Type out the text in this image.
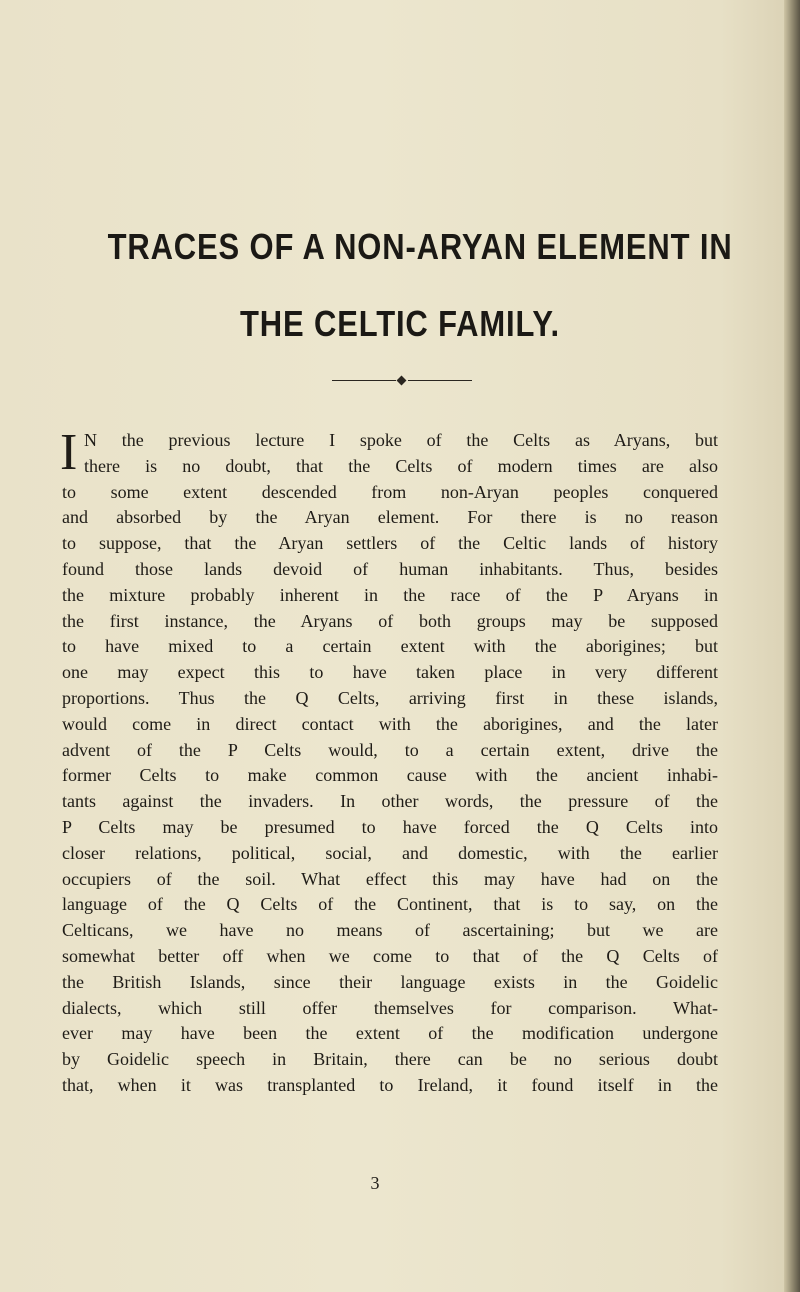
TRACES OF A NON-ARYAN ELEMENT IN
THE CELTIC FAMILY.
I N the previous lecture I spoke of the Celts as Aryans, but
there is no doubt, that the Celts of modern times are also
to some extent descended from non-Aryan peoples conquered
and absorbed by the Aryan element. For there is no reason
to suppose, that the Aryan settlers of the Celtic lands of history
found those lands devoid of human inhabitants. Thus, besides
the mixture probably inherent in the race of the P Aryans in
the first instance, the Aryans of both groups may be supposed
to have mixed to a certain extent with the aborigines; but
one may expect this to have taken place in very different
proportions. Thus the Q Celts, arriving first in these islands,
would come in direct contact with the aborigines, and the later
advent of the P Celts would, to a certain extent, drive the
former Celts to make common cause with the ancient inhabi-
tants against the invaders. In other words, the pressure of the
P Celts may be presumed to have forced the Q Celts into
closer relations, political, social, and domestic, with the earlier
occupiers of the soil. What effect this may have had on the
language of the Q Celts of the Continent, that is to say, on the
Celticans, we have no means of ascertaining; but we are
somewhat better off when we come to that of the Q Celts of
the British Islands, since their language exists in the Goidelic
dialects, which still offer themselves for comparison. What-
ever may have been the extent of the modification undergone
by Goidelic speech in Britain, there can be no serious doubt
that, when it was transplanted to Ireland, it found itself in the
3
